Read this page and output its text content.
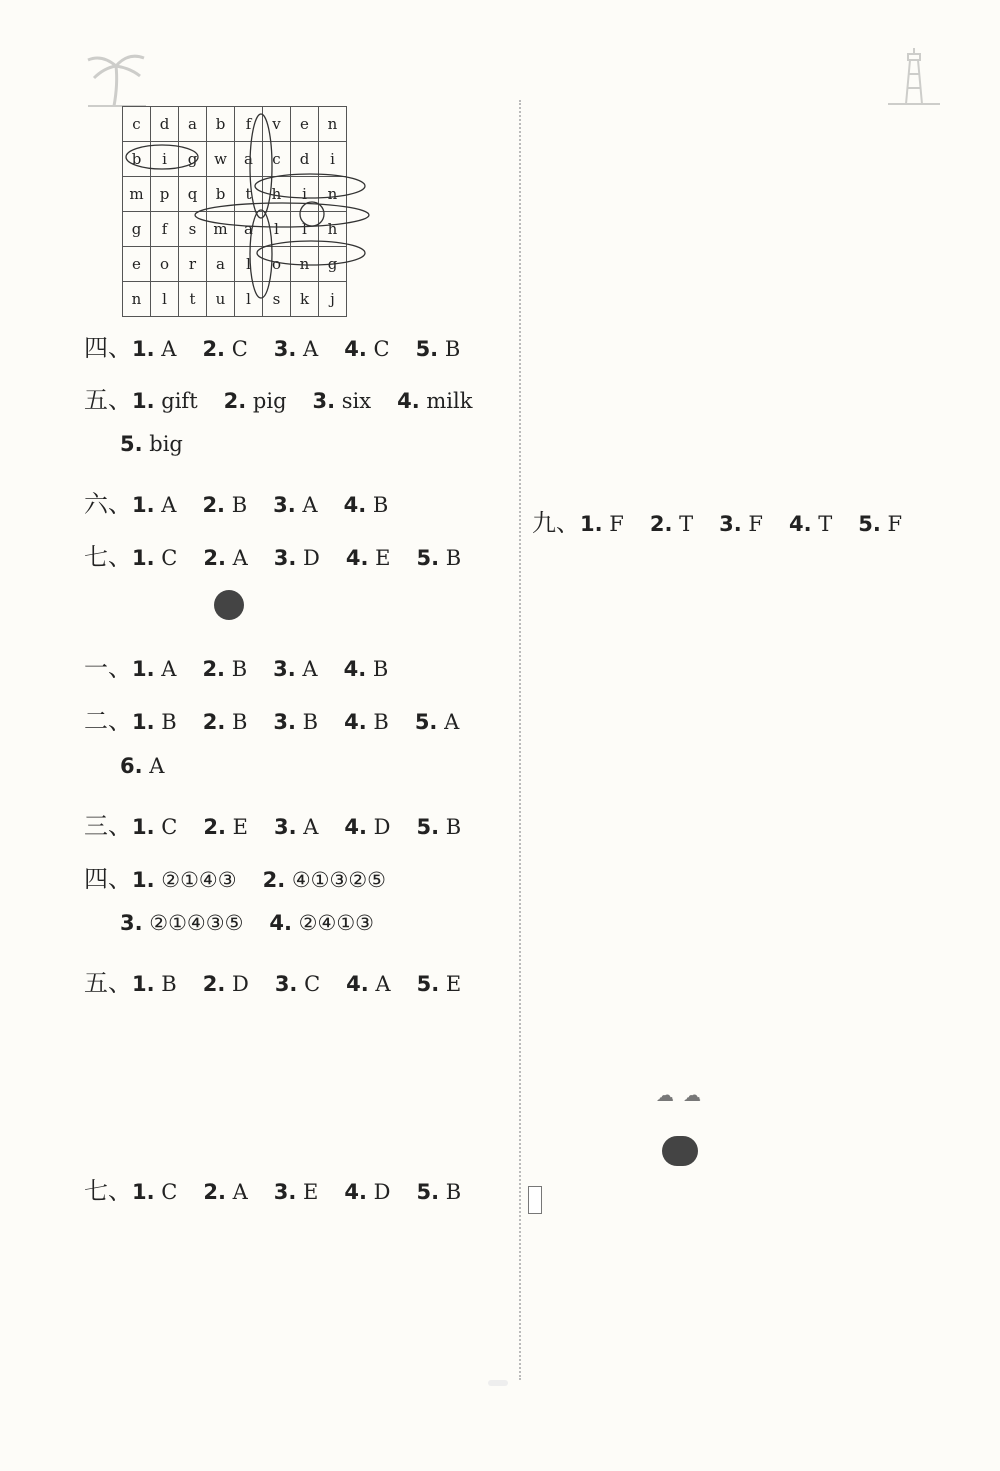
c	d	a	b	f	v	e	n
b	i	g	w	a	c	d	i
m	p	q	b	t	h	i	n
g	f	s	m	a	l	l	h
e	o	r	a	l	o	n	g
n	l	t	u	l	s	k	j
四、1. A 2. C 3. A 4. C 5. B
五、1. gift 2. pig 3. six 4. milk
5. big
六、1. A 2. B 3. A 4. B
七、1. C 2. A 3. D 4. E 5. B
一、1. A 2. B 3. A 4. B
二、1. B 2. B 3. B 4. B 5. A
6. A
三、1. C 2. E 3. A 4. D 5. B
四、1. ②①④③ 2. ④①③②⑤
3. ②①④③⑤ 4. ②④①③
五、1. B 2. D 3. C 4. A 5. E
七、1. C 2. A 3. E 4. D 5. B
九、1. F 2. T 3. F 4. T 5. F
☁ ☁
